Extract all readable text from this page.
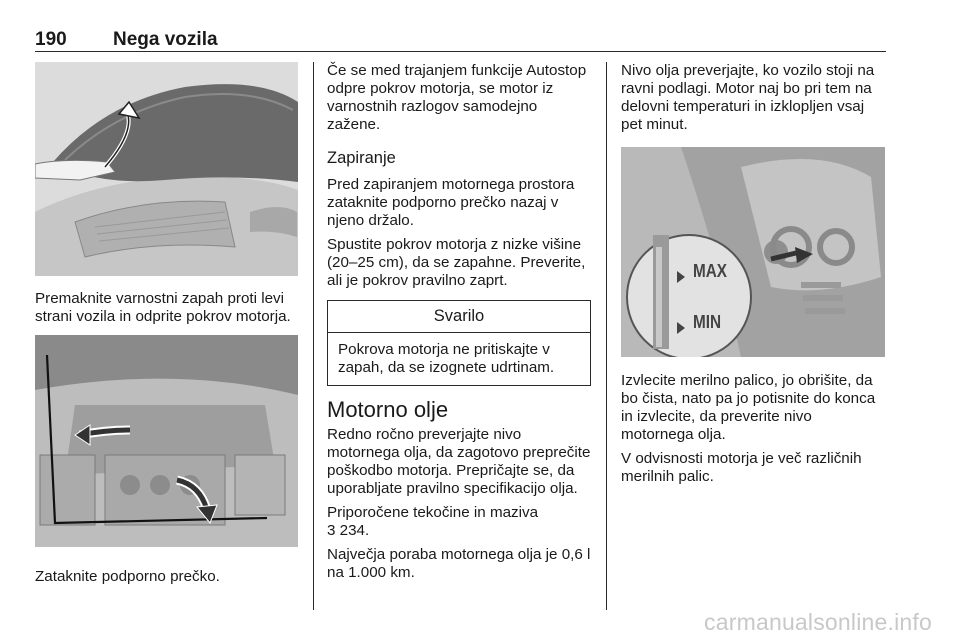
190 Nega vozila

Premaknite varnostni zapah proti levi strani vozila in odprite pokrov motorja.

Zataknite podporno prečko.

Če se med trajanjem funkcije Autostop odpre pokrov motorja, se motor iz varnostnih razlogov samodejno zažene.

Zapiranje

Pred zapiranjem motornega prostora zataknite podporno prečko nazaj v njeno držalo.

Spustite pokrov motorja z nizke višine (20–25 cm), da se zapahne. Preverite, ali je pokrov pravilno zaprt.

Svarilo
Pokrova motorja ne pritiskajte v zapah, da se izognete udrtinam.
Motorno olje

Redno ročno preverjajte nivo motornega olja, da zagotovo preprečite poškodbo motorja. Prepričajte se, da uporabljate pravilno specifikacijo olja.

Priporočene tekočine in maziva
3 234.

Največja poraba motornega olja je 0,6 l na 1.000 km.

Nivo olja preverjajte, ko vozilo stoji na ravni podlagi. Motor naj bo pri tem na delovni temperaturi in izklopljen vsaj pet minut.

MAX
MIN

Izvlecite merilno palico, jo obrišite, da bo čista, nato pa jo potisnite do konca in izvlecite, da preverite nivo motornega olja.

V odvisnosti motorja je več različnih merilnih palic.

carmanualsonline.info
